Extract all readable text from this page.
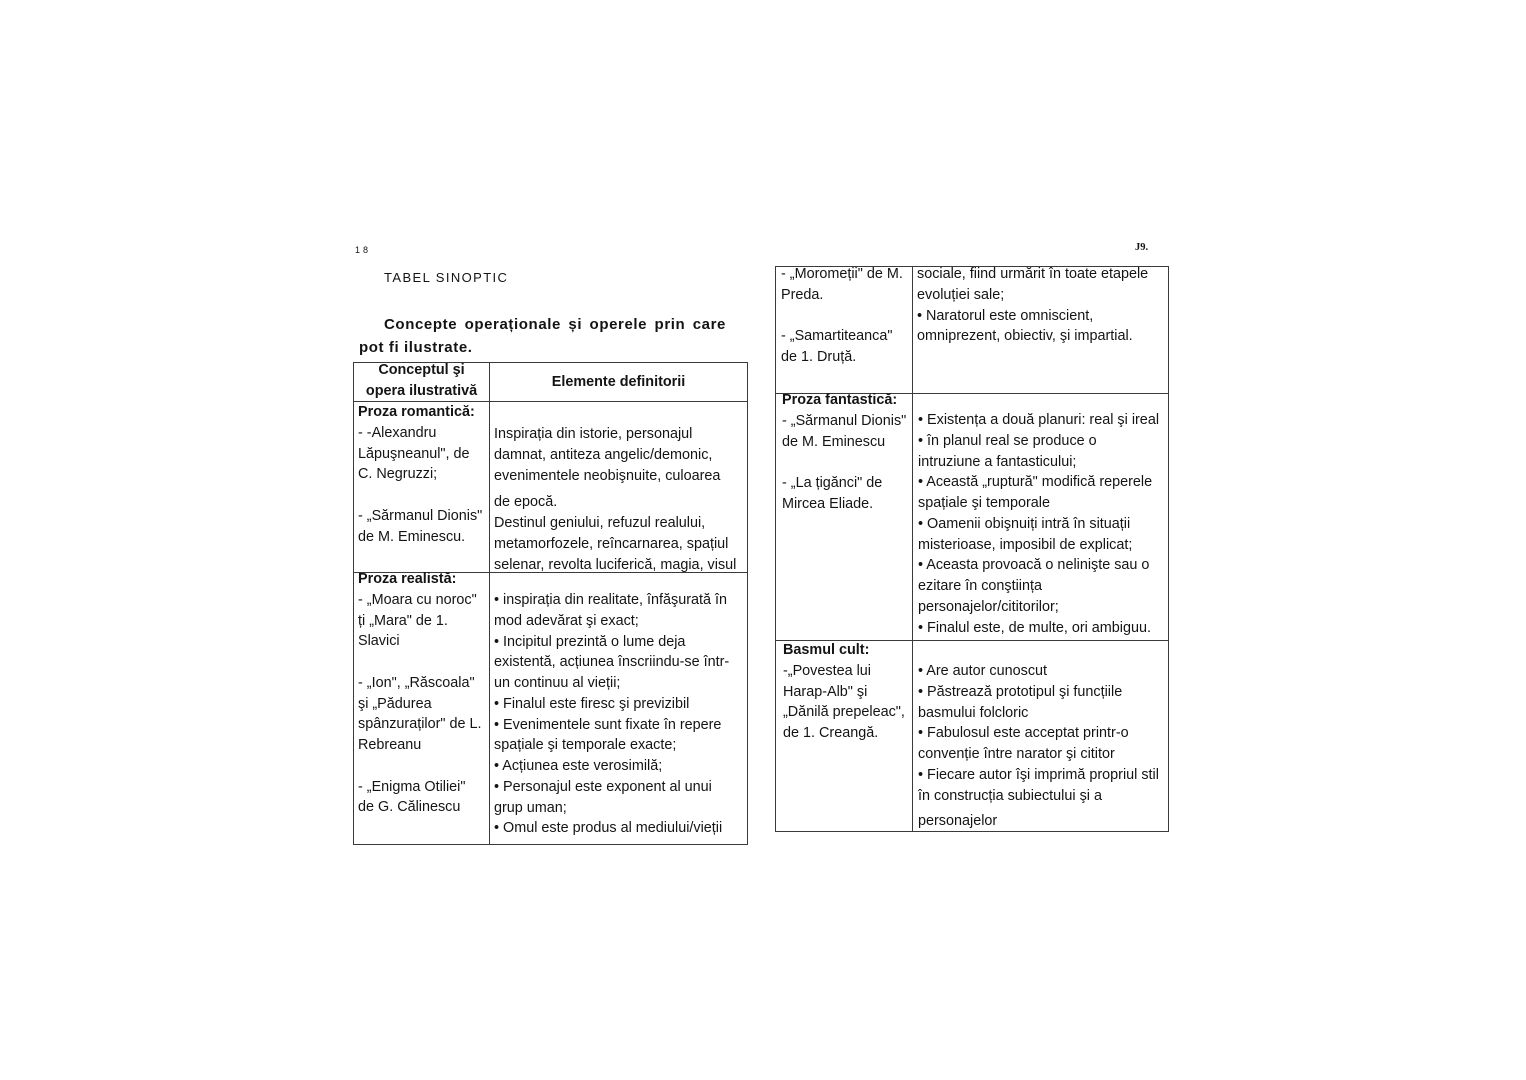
18
TABEL SINOPTIC
Concepte operaționale și operele prin care
pot fi ilustrate.
Conceptul şi
opera ilustrativă
Elemente definitorii
Proza romantică:
- -Alexandru
Lăpuşneanul", de
C. Negruzzi;
- „Sărmanul Dionis"
de M. Eminescu.
Inspirația din istorie, personajul
damnat, antiteza angelic/demonic,
evenimentele neobişnuite, culoarea
de epocă.
Destinul geniului, refuzul realului,
metamorfozele, reîncarnarea, spațiul
selenar, revolta luciferică, magia, visul
Proza realistă:
- „Moara cu noroc"
ți „Mara" de 1.
Slavici
- „Ion", „Răscoala"
şi „Pădurea
spânzuraților" de L.
Rebreanu
- „Enigma Otiliei"
de G. Călinescu
• inspirația din realitate, înfăşurată în
mod adevărat şi exact;
• Incipitul prezintă o lume deja
existentă, acțiunea înscriindu-se într-
un continuu al vieții;
• Finalul este firesc şi previzibil
• Evenimentele sunt fixate în repere
spațiale şi temporale exacte;
• Acțiunea este verosimilă;
• Personajul este exponent al unui
grup uman;
• Omul este produs al mediului/vieții
J9.
- „Moromeții" de M.
Preda.
- „Samartiteanca"
de 1. Druță.
sociale, fiind urmărit în toate etapele
evoluției sale;
• Naratorul este omniscient,
omniprezent, obiectiv, şi impartial.
Proza fantastică:
- „Sărmanul Dionis"
de M. Eminescu
- „La țigănci" de
Mircea Eliade.
• Existența a două planuri: real şi ireal
• în planul real se produce o
intruziune a fantasticului;
• Această „ruptură" modifică reperele
spațiale şi temporale
• Oamenii obişnuiți intră în situații
misterioase, imposibil de explicat;
• Aceasta provoacă o nelinişte sau o
ezitare în conştiința
personajelor/cititorilor;
• Finalul este, de multe, ori ambiguu.
Basmul cult:
-„Povestea lui
Harap-Alb" şi
„Dănilă prepeleac",
de 1. Creangă.
• Are autor cunoscut
• Păstrează prototipul şi funcțiile
basmului folcloric
• Fabulosul este acceptat printr-o
convenție între narator şi cititor
• Fiecare autor îşi imprimă propriul stil
în construcția subiectului şi a
personajelor
